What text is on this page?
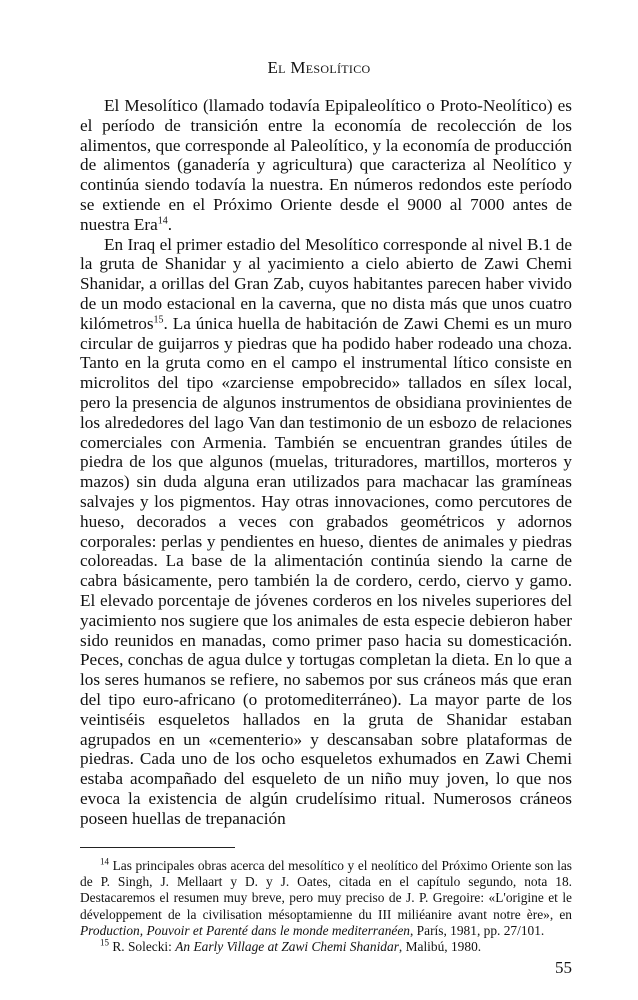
El Mesolítico

El Mesolítico (llamado todavía Epipaleolítico o Proto-Neolítico) es el período de transición entre la economía de recolección de los alimentos, que corresponde al Paleolítico, y la economía de producción de alimentos (ganadería y agricultura) que caracteriza al Neolítico y continúa siendo todavía la nuestra. En números redondos este período se extiende en el Próximo Oriente desde el 9000 al 7000 antes de nuestra Era$^{14}$.

En Iraq el primer estadio del Mesolítico corresponde al nivel B.1 de la gruta de Shanidar y al yacimiento a cielo abierto de Zawi Chemi Shanidar, a orillas del Gran Zab, cuyos habitantes parecen haber vivido de un modo estacional en la caverna, que no dista más que unos cuatro kilómetros$^{15}$. La única huella de habitación de Zawi Chemi es un muro circular de guijarros y piedras que ha podido haber rodeado una choza. Tanto en la gruta como en el campo el instrumental lítico consiste en microlitos del tipo «zarciense empobrecido» tallados en sílex local, pero la presencia de algunos instrumentos de obsidiana provinientes de los alrededores del lago Van dan testimonio de un esbozo de relaciones comerciales con Armenia. También se encuentran grandes útiles de piedra de los que algunos (muelas, trituradores, martillos, morteros y mazos) sin duda alguna eran utilizados para machacar las gramíneas salvajes y los pigmentos. Hay otras innovaciones, como percutores de hueso, decorados a veces con grabados geométricos y adornos corporales: perlas y pendientes en hueso, dientes de animales y piedras coloreadas. La base de la alimentación continúa siendo la carne de cabra básicamente, pero también la de cordero, cerdo, ciervo y gamo. El elevado porcentaje de jóvenes corderos en los niveles superiores del yacimiento nos sugiere que los animales de esta especie debieron haber sido reunidos en manadas, como primer paso hacia su domesticación. Peces, conchas de agua dulce y tortugas completan la dieta. En lo que a los seres humanos se refiere, no sabemos por sus cráneos más que eran del tipo euro-africano (o protomediterráneo). La mayor parte de los veintiséis esqueletos hallados en la gruta de Shanidar estaban agrupados en un «cementerio» y descansaban sobre plataformas de piedras. Cada uno de los ocho esqueletos exhumados en Zawi Chemi estaba acompañado del esqueleto de un niño muy joven, lo que nos evoca la existencia de algún crudelísimo ritual. Numerosos cráneos poseen huellas de trepanación

$^{14}$ Las principales obras acerca del mesolítico y el neolítico del Próximo Oriente son las de P. Singh, J. Mellaart y D. y J. Oates, citada en el capítulo segundo, nota 18. Destacaremos el resumen muy breve, pero muy preciso de J. P. Gregoire: «L'origine et le développement de la civilisation mésoptamienne du III miliéanire avant notre ère», en Production, Pouvoir et Parenté dans le monde mediterranéen, París, 1981, pp. 27/101.

$^{15}$ R. Solecki: An Early Village at Zawi Chemi Shanidar, Malibú, 1980.

55
